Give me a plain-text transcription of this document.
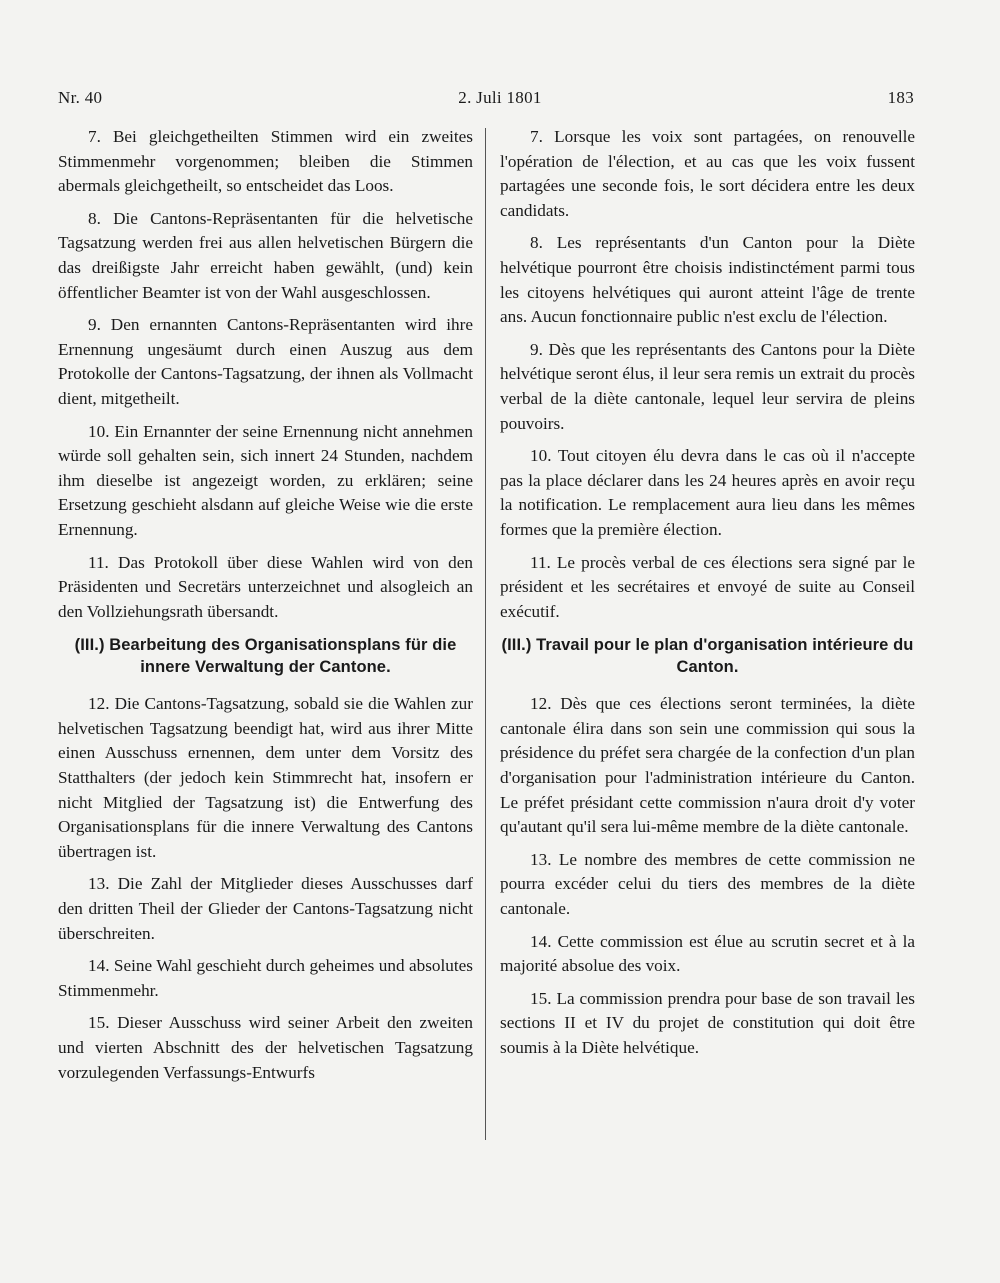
Nr. 40	2. Juli 1801	183

7. Bei gleichgetheilten Stimmen wird ein zweites Stimmenmehr vorgenommen; bleiben die Stimmen abermals gleichgetheilt, so entscheidet das Loos.

8. Die Cantons-Repräsentanten für die helvetische Tagsatzung werden frei aus allen helvetischen Bürgern die das dreißigste Jahr erreicht haben gewählt, (und) kein öffentlicher Beamter ist von der Wahl ausgeschlossen.

9. Den ernannten Cantons-Repräsentanten wird ihre Ernennung ungesäumt durch einen Auszug aus dem Protokolle der Cantons-Tagsatzung, der ihnen als Vollmacht dient, mitgetheilt.

10. Ein Ernannter der seine Ernennung nicht annehmen würde soll gehalten sein, sich innert 24 Stunden, nachdem ihm dieselbe ist angezeigt worden, zu erklären; seine Ersetzung geschieht alsdann auf gleiche Weise wie die erste Ernennung.

11. Das Protokoll über diese Wahlen wird von den Präsidenten und Secretärs unterzeichnet und alsogleich an den Vollziehungsrath übersandt.

(III.) Bearbeitung des Organisationsplans für die innere Verwaltung der Cantone.

12. Die Cantons-Tagsatzung, sobald sie die Wahlen zur helvetischen Tagsatzung beendigt hat, wird aus ihrer Mitte einen Ausschuss ernennen, dem unter dem Vorsitz des Statthalters (der jedoch kein Stimmrecht hat, insofern er nicht Mitglied der Tagsatzung ist) die Entwerfung des Organisationsplans für die innere Verwaltung des Cantons übertragen ist.

13. Die Zahl der Mitglieder dieses Ausschusses darf den dritten Theil der Glieder der Cantons-Tagsatzung nicht überschreiten.

14. Seine Wahl geschieht durch geheimes und absolutes Stimmenmehr.

15. Dieser Ausschuss wird seiner Arbeit den zweiten und vierten Abschnitt des der helvetischen Tagsatzung vorzulegenden Verfassungs-Entwurfs

7. Lorsque les voix sont partagées, on renouvelle l'opération de l'élection, et au cas que les voix fussent partagées une seconde fois, le sort décidera entre les deux candidats.

8. Les représentants d'un Canton pour la Diète helvétique pourront être choisis indistinctément parmi tous les citoyens helvétiques qui auront atteint l'âge de trente ans. Aucun fonctionnaire public n'est exclu de l'élection.

9. Dès que les représentants des Cantons pour la Diète helvétique seront élus, il leur sera remis un extrait du procès verbal de la diète cantonale, lequel leur servira de pleins pouvoirs.

10. Tout citoyen élu devra dans le cas où il n'accepte pas la place déclarer dans les 24 heures après en avoir reçu la notification. Le remplacement aura lieu dans les mêmes formes que la première élection.

11. Le procès verbal de ces élections sera signé par le président et les secrétaires et envoyé de suite au Conseil exécutif.

(III.) Travail pour le plan d'organisation intérieure du Canton.

12. Dès que ces élections seront terminées, la diète cantonale élira dans son sein une commission qui sous la présidence du préfet sera chargée de la confection d'un plan d'organisation pour l'administration intérieure du Canton. Le préfet présidant cette commission n'aura droit d'y voter qu'autant qu'il sera lui-même membre de la diète cantonale.

13. Le nombre des membres de cette commission ne pourra excéder celui du tiers des membres de la diète cantonale.

14. Cette commission est élue au scrutin secret et à la majorité absolue des voix.

15. La commission prendra pour base de son travail les sections II et IV du projet de constitution qui doit être soumis à la Diète helvétique.
